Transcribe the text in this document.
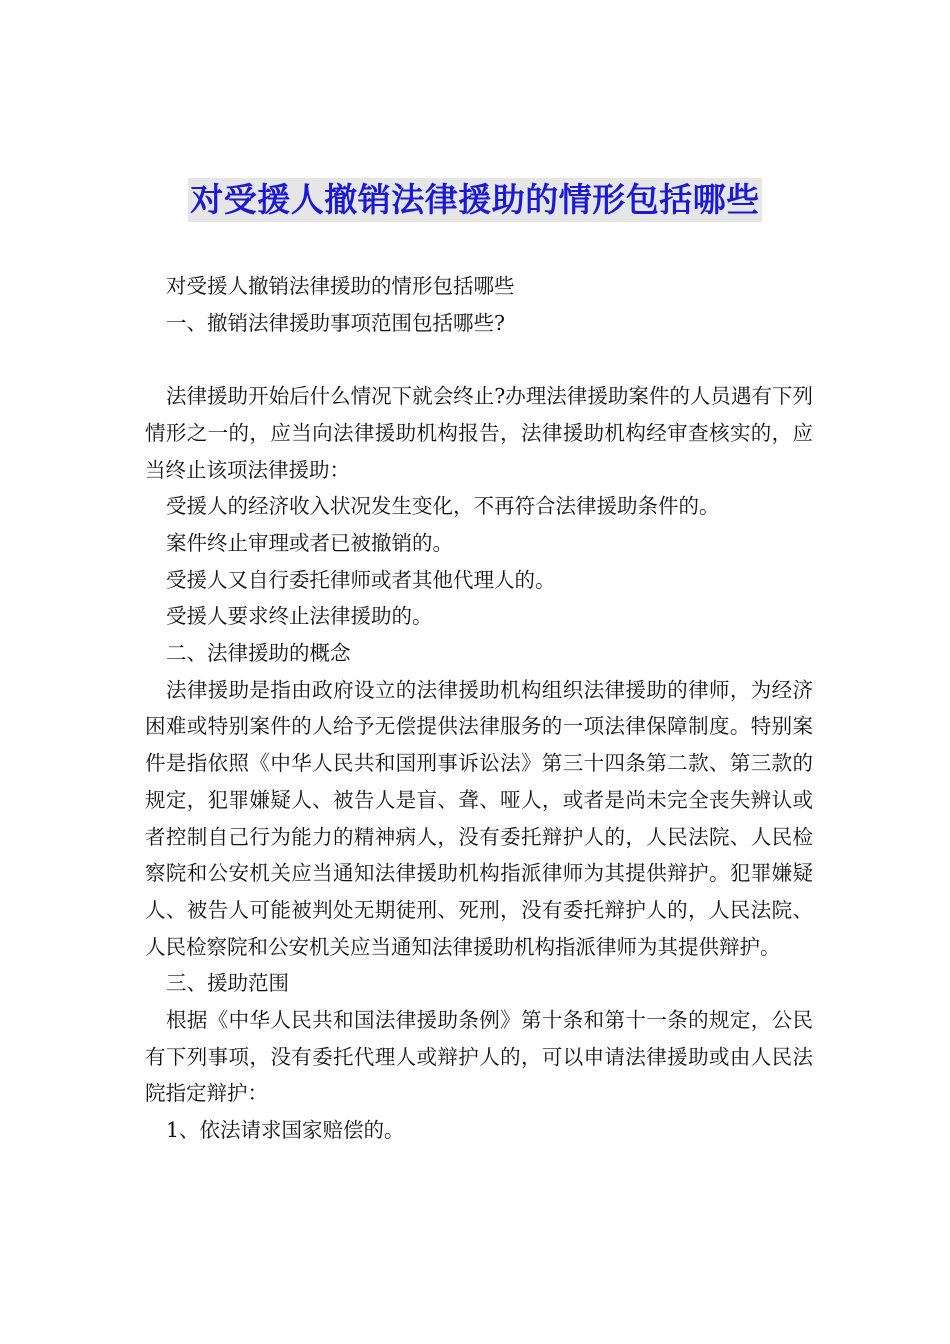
对受援人撤销法律援助的情形包括哪些

对受援人撤销法律援助的情形包括哪些

一、撤销法律援助事项范围包括哪些?

法律援助开始后什么情况下就会终止?办理法律援助案件的人员遇有下列情形之一的，应当向法律援助机构报告，法律援助机构经审查核实的，应当终止该项法律援助：

受援人的经济收入状况发生变化，不再符合法律援助条件的。

案件终止审理或者已被撤销的。

受援人又自行委托律师或者其他代理人的。

受援人要求终止法律援助的。

二、法律援助的概念

法律援助是指由政府设立的法律援助机构组织法律援助的律师，为经济困难或特别案件的人给予无偿提供法律服务的一项法律保障制度。特别案件是指依照《中华人民共和国刑事诉讼法》第三十四条第二款、第三款的规定，犯罪嫌疑人、被告人是盲、聋、哑人，或者是尚未完全丧失辨认或者控制自己行为能力的精神病人，没有委托辩护人的，人民法院、人民检察院和公安机关应当通知法律援助机构指派律师为其提供辩护。犯罪嫌疑人、被告人可能被判处无期徒刑、死刑，没有委托辩护人的，人民法院、人民检察院和公安机关应当通知法律援助机构指派律师为其提供辩护。

三、援助范围

根据《中华人民共和国法律援助条例》第十条和第十一条的规定，公民有下列事项，没有委托代理人或辩护人的，可以申请法律援助或由人民法院指定辩护：

1、依法请求国家赔偿的。
